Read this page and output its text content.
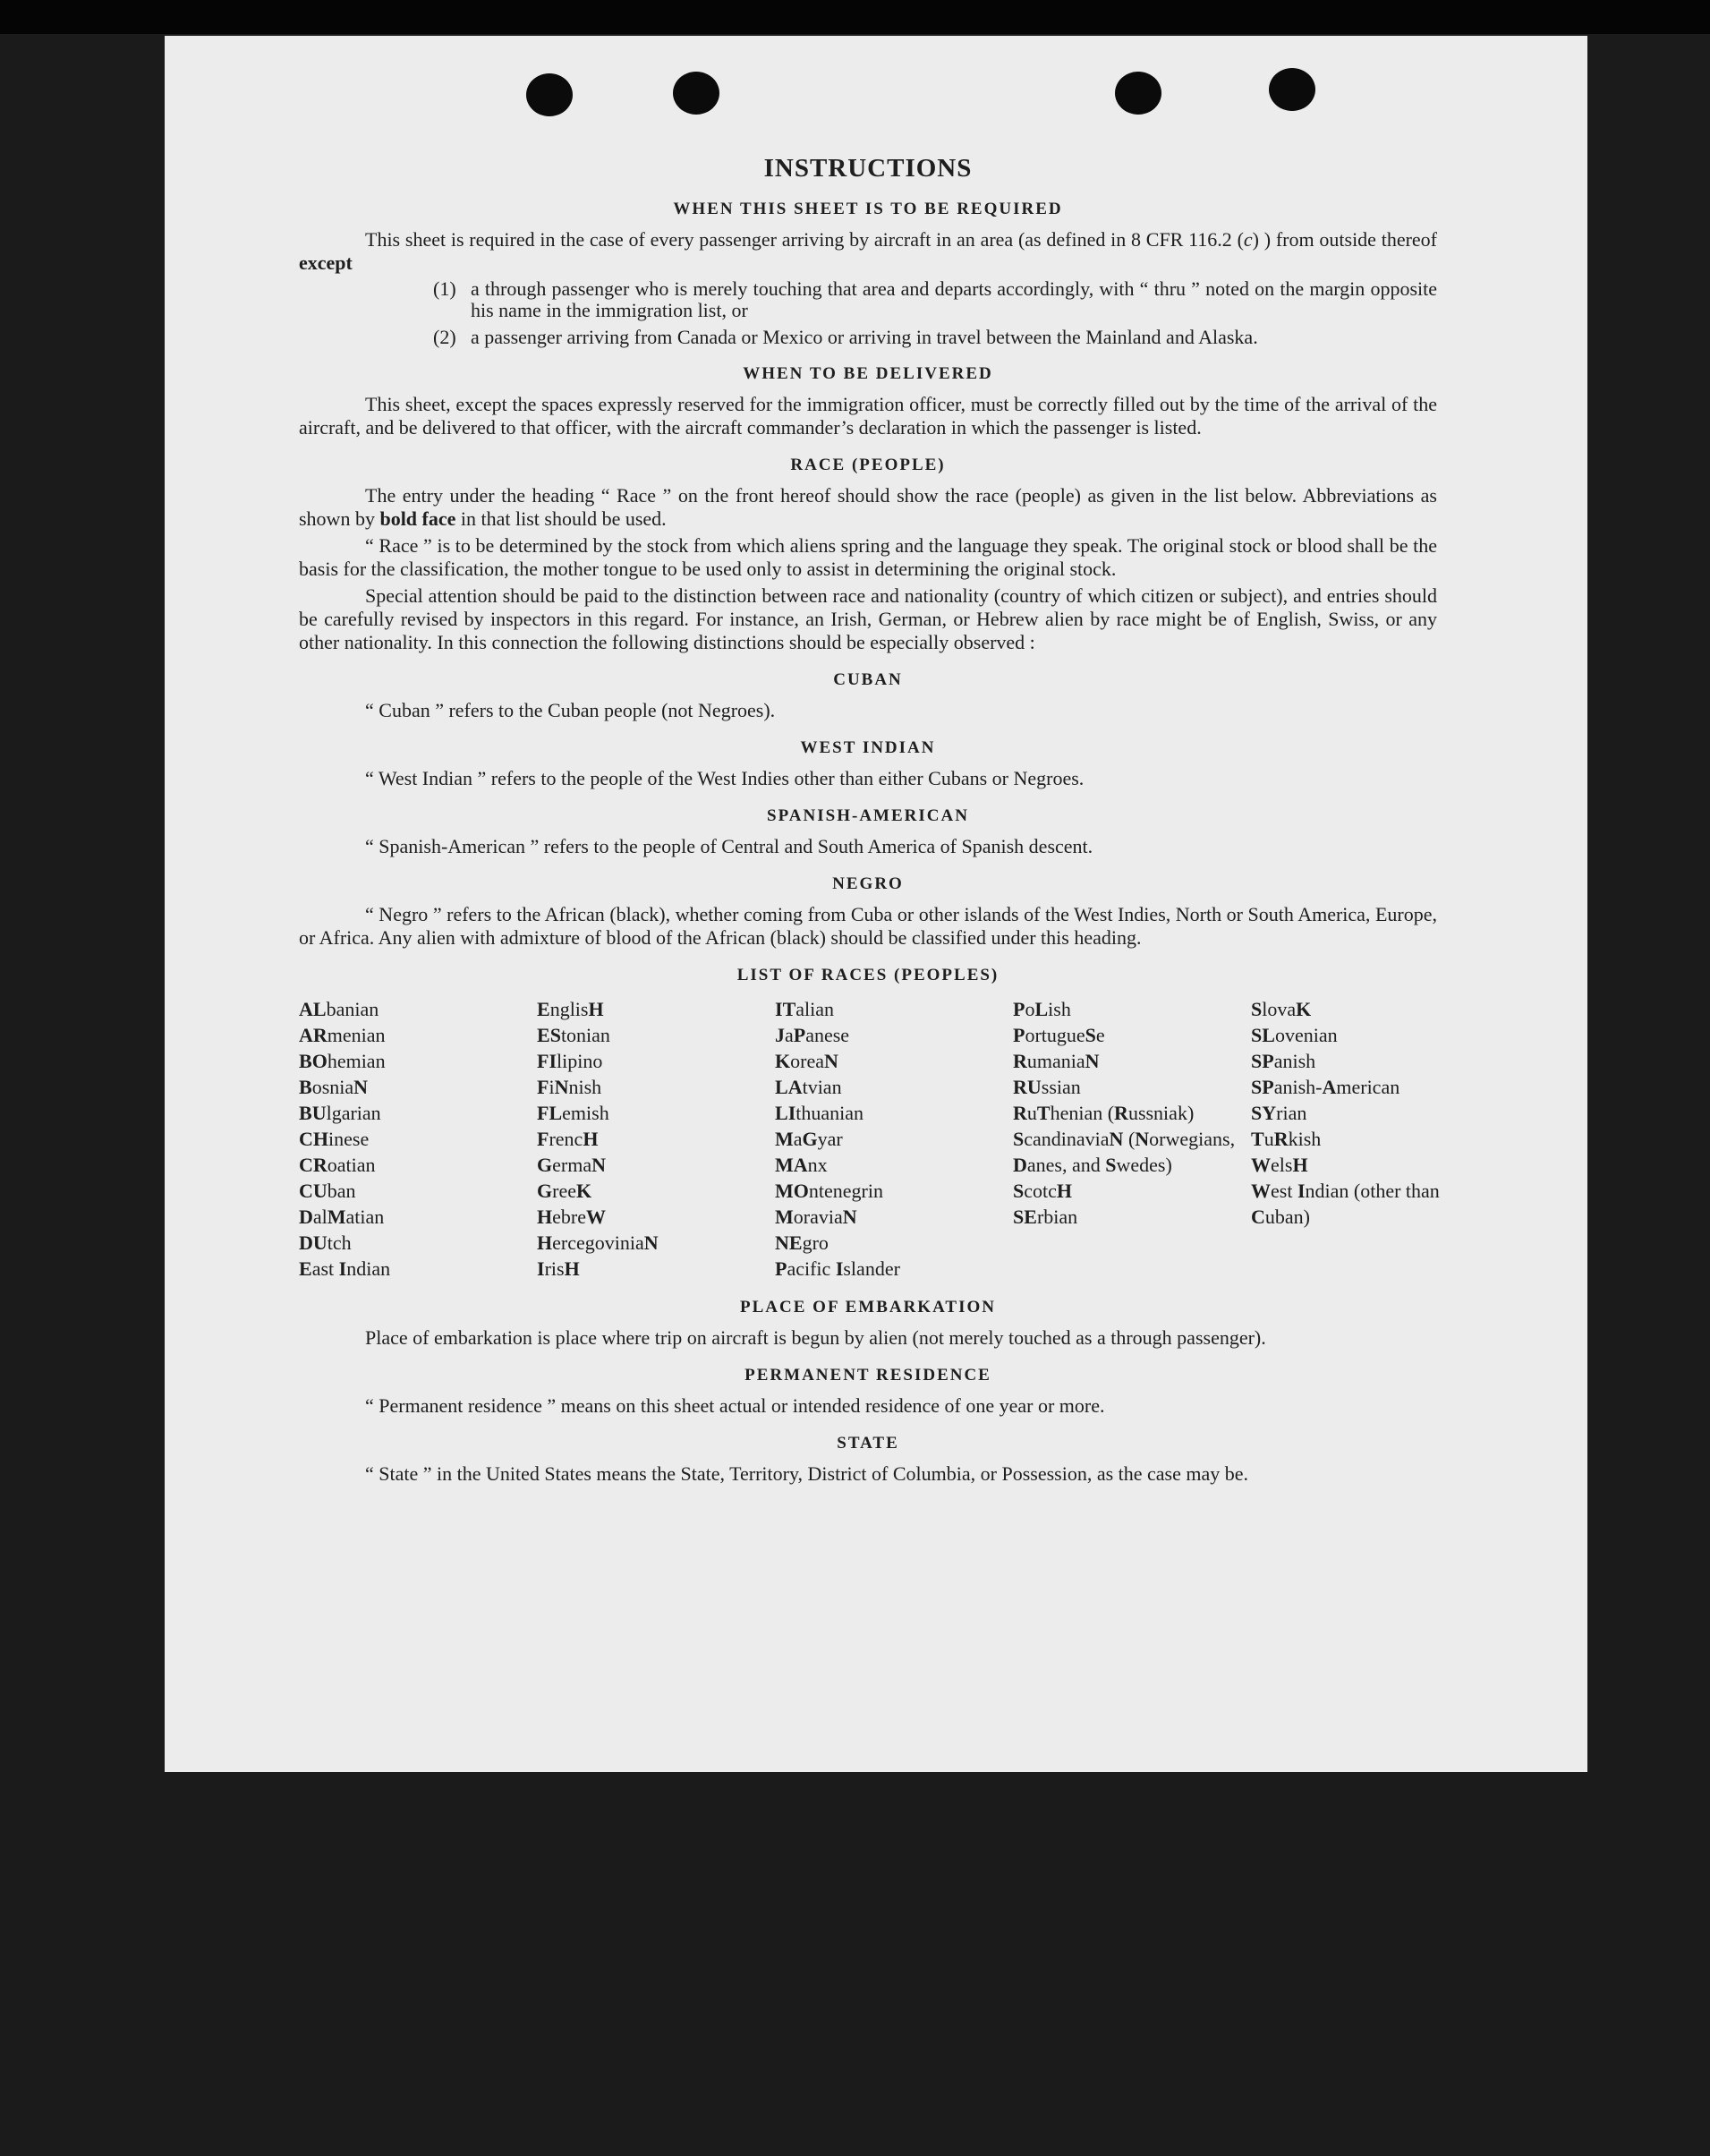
INSTRUCTIONS
WHEN THIS SHEET IS TO BE REQUIRED

This sheet is required in the case of every passenger arriving by aircraft in an area (as defined in 8 CFR 116.2 (c) ) from outside thereof except

(1) a through passenger who is merely touching that area and departs accordingly, with “ thru ” noted on the margin opposite his name in the immigration list, or
(2) a passenger arriving from Canada or Mexico or arriving in travel between the Mainland and Alaska.
WHEN TO BE DELIVERED

This sheet, except the spaces expressly reserved for the immigration officer, must be correctly filled out by the time of the arrival of the aircraft, and be delivered to that officer, with the aircraft commander’s declaration in which the passenger is listed.

RACE (PEOPLE)

The entry under the heading “ Race ” on the front hereof should show the race (people) as given in the list below. Abbreviations as shown by bold face in that list should be used.

“ Race ” is to be determined by the stock from which aliens spring and the language they speak. The original stock or blood shall be the basis for the classification, the mother tongue to be used only to assist in determining the original stock.

Special attention should be paid to the distinction between race and nationality (country of which citizen or subject), and entries should be carefully revised by inspectors in this regard. For instance, an Irish, German, or Hebrew alien by race might be of English, Swiss, or any other nationality. In this connection the following distinctions should be especially observed :

CUBAN

“ Cuban ” refers to the Cuban people (not Negroes).

WEST INDIAN

“ West Indian ” refers to the people of the West Indies other than either Cubans or Negroes.

SPANISH-AMERICAN

“ Spanish-American ” refers to the people of Central and South America of Spanish descent.

NEGRO

“ Negro ” refers to the African (black), whether coming from Cuba or other islands of the West Indies, North or South America, Europe, or Africa. Any alien with admixture of blood of the African (black) should be classified under this heading.

LIST OF RACES (PEOPLES)
ALbanian
ARmenian
BOhemian
BosniaN
BUlgarian
CHinese
CRoatian
CUban
DalMatian
DUtch
East Indian
EnglisH
EStonian
FIlipino
FiNnish
FLemish
FrencH
GermaN
GreeK
HebreW
HercegoviniaN
IrisH
ITalian
JaPanese
KoreaN
LAtvian
LIthuanian
MaGyar
MAnx
MOntenegrin
MoraviaN
NEgro
Pacific Islander
PoLish
PortugueSe
RumaniaN
RUssian
RuThenian (Russniak)
ScandinaviaN (Norwegians, Danes, and Swedes)
ScotcH
SErbian
SlovaK
SLovenian
SPanish
SPanish-American
SYrian
TuRkish
WelsH
West Indian (other than Cuban)
PLACE OF EMBARKATION

Place of embarkation is place where trip on aircraft is begun by alien (not merely touched as a through passenger).

PERMANENT RESIDENCE

“ Permanent residence ” means on this sheet actual or intended residence of one year or more.

STATE

“ State ” in the United States means the State, Territory, District of Columbia, or Possession, as the case may be.
